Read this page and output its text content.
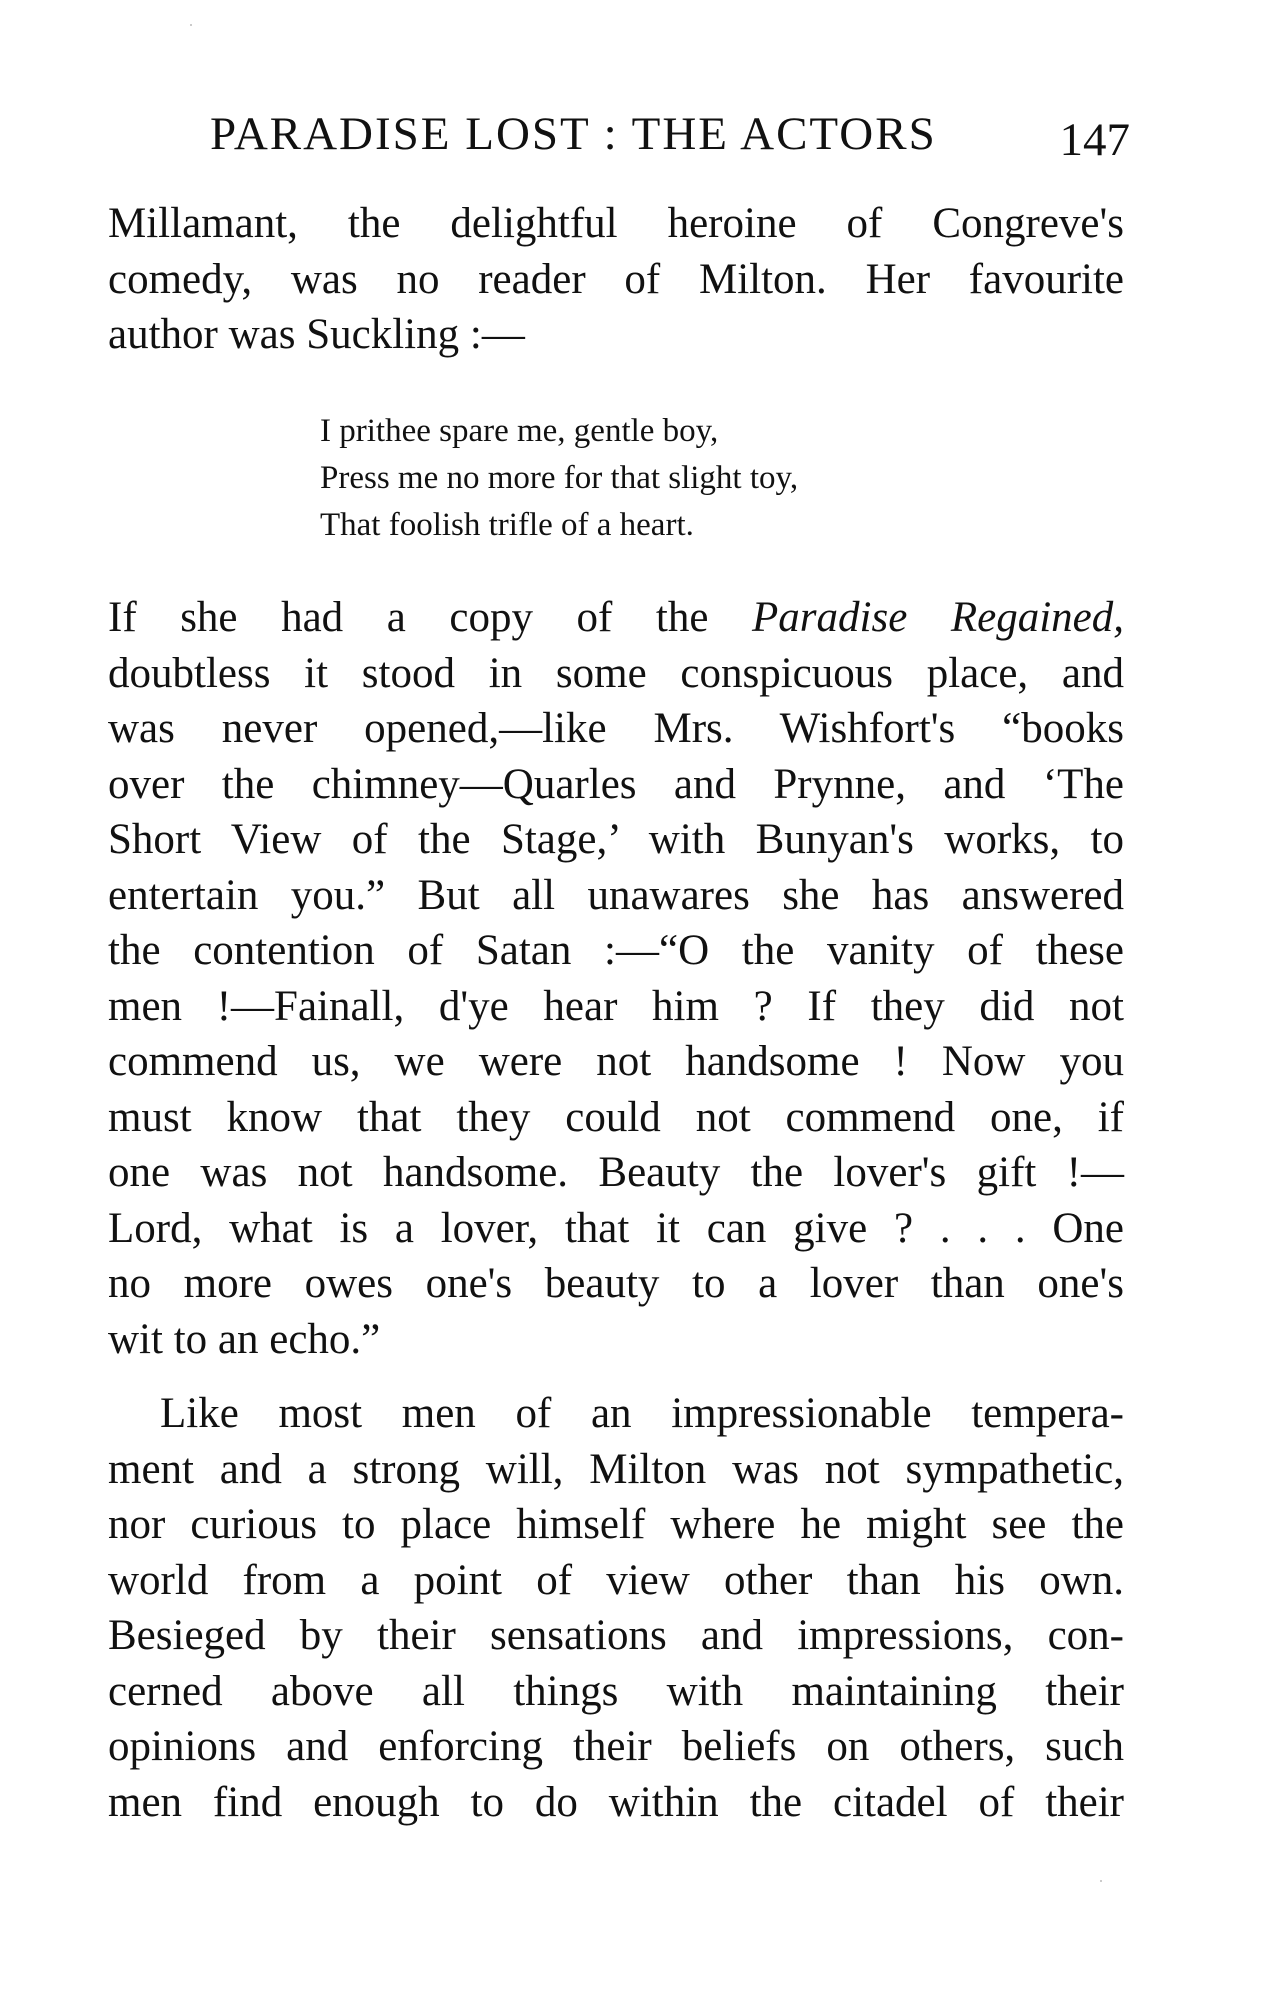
PARADISE LOST : THE ACTORS	147
Millamant, the delightful heroine of Congreve's
comedy, was no reader of Milton. Her favourite
author was Suckling :—
I prithee spare me, gentle boy,
Press me no more for that slight toy,
That foolish trifle of a heart.
If she had a copy of the Paradise Regained,
doubtless it stood in some conspicuous place, and
was never opened,—like Mrs. Wishfort's “books
over the chimney—Quarles and Prynne, and ‘The
Short View of the Stage,’ with Bunyan's works, to
entertain you.” But all unawares she has answered
the contention of Satan :—“O the vanity of these
men !—Fainall, d'ye hear him ? If they did not
commend us, we were not handsome ! Now you
must know that they could not commend one, if
one was not handsome. Beauty the lover's gift !—
Lord, what is a lover, that it can give ? . . . One
no more owes one's beauty to a lover than one's
wit to an echo.”
Like most men of an impressionable tempera-
ment and a strong will, Milton was not sympathetic,
nor curious to place himself where he might see the
world from a point of view other than his own.
Besieged by their sensations and impressions, con-
cerned above all things with maintaining their
opinions and enforcing their beliefs on others, such
men find enough to do within the citadel of their
